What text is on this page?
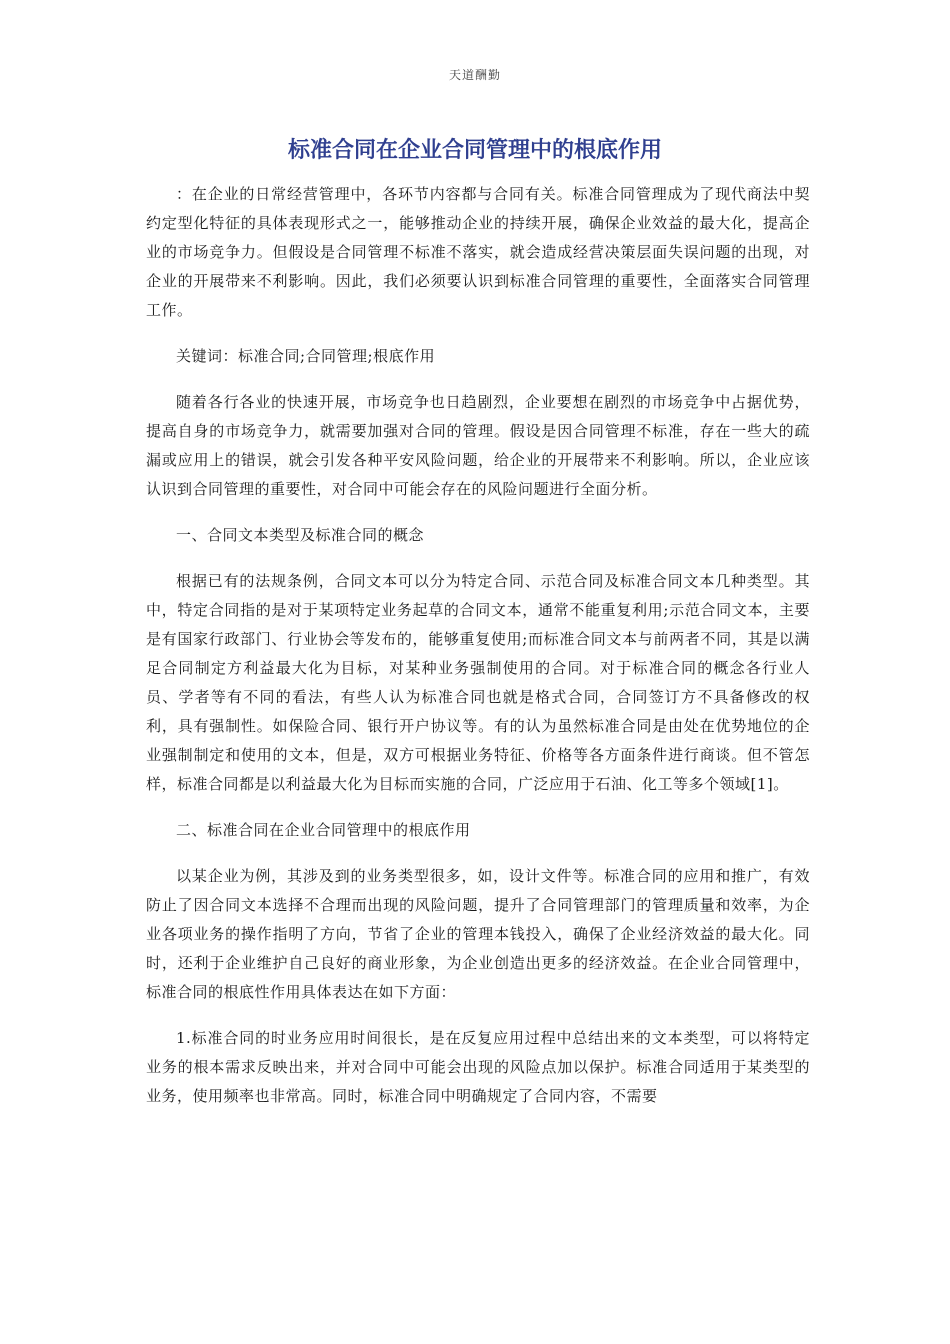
天道酬勤
标准合同在企业合同管理中的根底作用

：在企业的日常经营管理中，各环节内容都与合同有关。标准合同管理成为了现代商法中契约定型化特征的具体表现形式之一，能够推动企业的持续开展，确保企业效益的最大化，提高企业的市场竞争力。但假设是合同管理不标准不落实，就会造成经营决策层面失误问题的出现，对企业的开展带来不利影响。因此，我们必须要认识到标准合同管理的重要性，全面落实合同管理工作。

关键词：标准合同;合同管理;根底作用

随着各行各业的快速开展，市场竞争也日趋剧烈，企业要想在剧烈的市场竞争中占据优势，提高自身的市场竞争力，就需要加强对合同的管理。假设是因合同管理不标准，存在一些大的疏漏或应用上的错误，就会引发各种平安风险问题，给企业的开展带来不利影响。所以，企业应该认识到合同管理的重要性，对合同中可能会存在的风险问题进行全面分析。

一、合同文本类型及标准合同的概念

根据已有的法规条例，合同文本可以分为特定合同、示范合同及标准合同文本几种类型。其中，特定合同指的是对于某项特定业务起草的合同文本，通常不能重复利用;示范合同文本，主要是有国家行政部门、行业协会等发布的，能够重复使用;而标准合同文本与前两者不同，其是以满足合同制定方利益最大化为目标，对某种业务强制使用的合同。对于标准合同的概念各行业人员、学者等有不同的看法，有些人认为标准合同也就是格式合同，合同签订方不具备修改的权利，具有强制性。如保险合同、银行开户协议等。有的认为虽然标准合同是由处在优势地位的企业强制制定和使用的文本，但是，双方可根据业务特征、价格等各方面条件进行商谈。但不管怎样，标准合同都是以利益最大化为目标而实施的合同，广泛应用于石油、化工等多个领域[1]。

二、标准合同在企业合同管理中的根底作用

以某企业为例，其涉及到的业务类型很多，如，设计文件等。标准合同的应用和推广，有效防止了因合同文本选择不合理而出现的风险问题，提升了合同管理部门的管理质量和效率，为企业各项业务的操作指明了方向，节省了企业的管理本钱投入，确保了企业经济效益的最大化。同时，还利于企业维护自己良好的商业形象，为企业创造出更多的经济效益。在企业合同管理中，标准合同的根底性作用具体表达在如下方面：

1.标准合同的时业务应用时间很长，是在反复应用过程中总结出来的文本类型，可以将特定业务的根本需求反映出来，并对合同中可能会出现的风险点加以保护。标准合同适用于某类型的业务，使用频率也非常高。同时，标准合同中明确规定了合同内容，不需要
